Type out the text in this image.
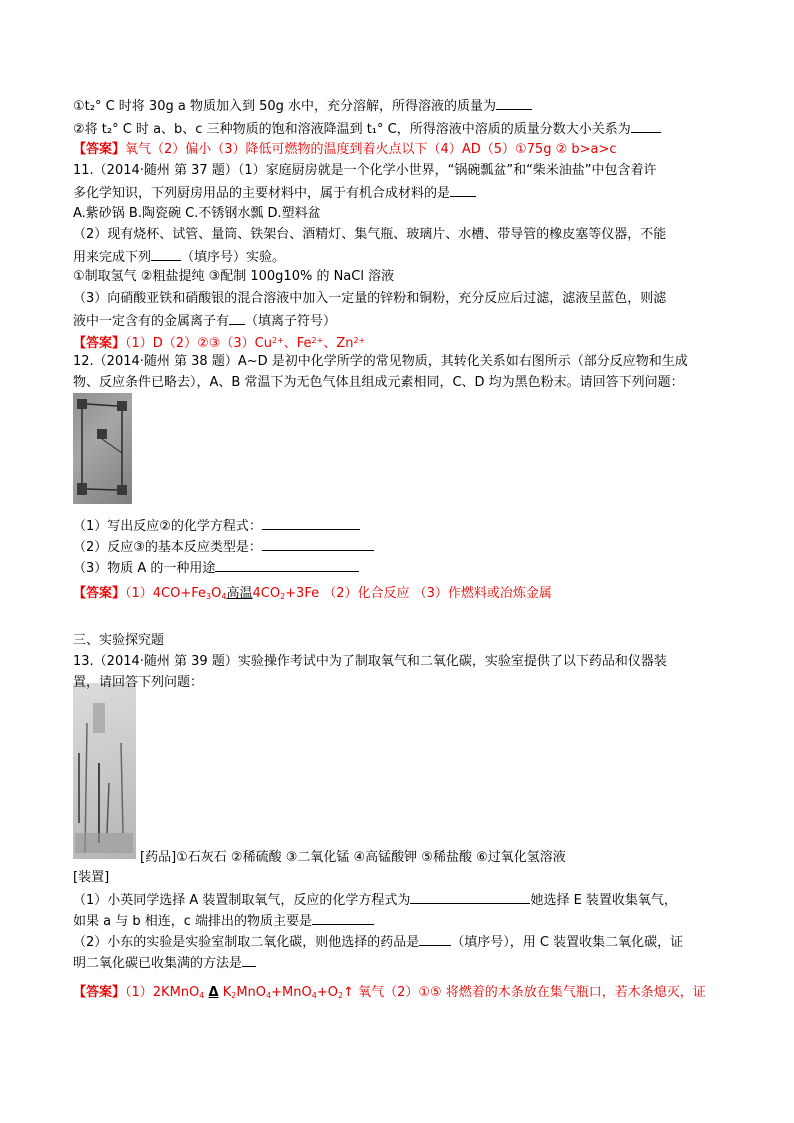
①t₂° C 时将 30g a 物质加入到 50g 水中，充分溶解，所得溶液的质量为
②将 t₂° C 时 a、b、c 三种物质的饱和溶液降温到 t₁° C，所得溶液中溶质的质量分数大小关系为
【答案】氧气（2）偏小（3）降低可燃物的温度到着火点以下（4）AD（5）①75g ② b>a>c
11.（2014·随州 第 37 题）（1）家庭厨房就是一个化学小世界，“锅碗瓢盆”和“柴米油盐”中包含着许
多化学知识，下列厨房用品的主要材料中，属于有机合成材料的是
A.紫砂锅 B.陶瓷碗 C.不锈钢水瓢 D.塑料盆
（2）现有烧杯、试管、量筒、铁架台、酒精灯、集气瓶、玻璃片、水槽、带导管的橡皮塞等仪器，不能
用来完成下列 （填序号）实验。
①制取氢气 ②粗盐提纯 ③配制 100g10% 的 NaCl 溶液
（3）向硝酸亚铁和硝酸银的混合溶液中加入一定量的锌粉和铜粉，充分反应后过滤，滤液呈蓝色，则滤
液中一定含有的金属离子有 （填离子符号）
【答案】$(1)D(2)②③(3)Cu^{2+}$、$Fe^{2+}$、$Zn^{2+}$
12.（2014·随州 第 38 题）A~D 是初中化学所学的常见物质，其转化关系如右图所示（部分反应物和生成
物、反应条件已略去），A、B 常温下为无色气体且组成元素相同，C、D 均为黑色粉末。请回答下列问题：
（1）写出反应②的化学方程式：
（2）反应③的基本反应类型是：
（3）物质 A 的一种用途
【答案】$(1)4CO+Fe_3O_4$高温$4CO_2+3Fe$ （2）化合反应 （3）作燃料或冶炼金属
三、实验探究题
13.（2014·随州 第 39 题）实验操作考试中为了制取氧气和二氧化碳，实验室提供了以下药品和仪器装
置，请回答下列问题：
[药品]①石灰石 ②稀硫酸 ③二氧化锰 ④高锰酸钾 ⑤稀盐酸 ⑥过氧化氢溶液
[装置]
（1）小英同学选择 A 装置制取氧气，反应的化学方程式为	她选择 E 装置收集氧气，
如果 a 与 b 相连，c 端排出的物质主要是
（2）小东的实验是实验室制取二氧化碳，则他选择的药品是 （填序号），用 C 装置收集二氧化碳，证
明二氧化碳已收集满的方法是
【答案】（1）2KMnO$_4$ Δ $K_2MnO_4+MnO_4+O_2↑$ 氧气（2）①⑤ 将燃着的木条放在集气瓶口，若木条熄灭，证
